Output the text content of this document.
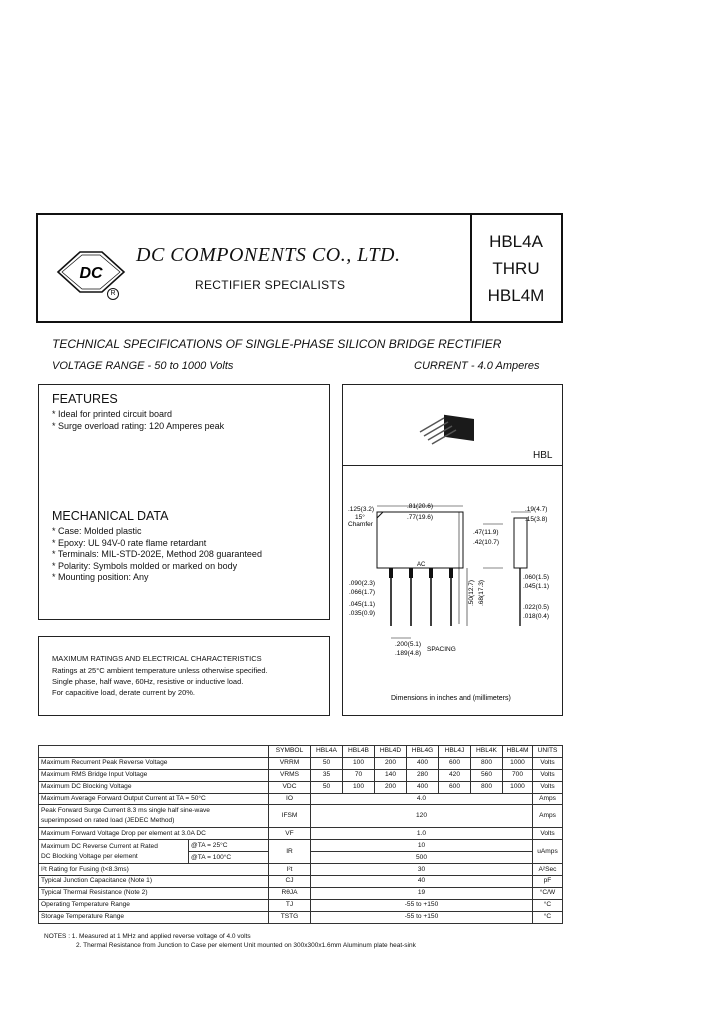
DC
R
DC COMPONENTS CO., LTD.
RECTIFIER SPECIALISTS
HBL4A
THRU
HBL4M
TECHNICAL SPECIFICATIONS OF SINGLE-PHASE SILICON BRIDGE RECTIFIER
VOLTAGE RANGE - 50 to 1000 Volts	CURRENT - 4.0 Amperes
FEATURES
* Ideal for printed circuit board
* Surge overload rating: 120 Amperes peak
MECHANICAL DATA
* Case: Molded plastic
* Epoxy: UL 94V-0 rate flame retardant
* Terminals: MIL-STD-202E, Method 208 guaranteed
* Polarity: Symbols molded or marked on body
* Mounting position: Any
MAXIMUM RATINGS AND ELECTRICAL CHARACTERISTICS
Ratings at 25°C ambient temperature unless otherwise specified.
Single phase, half wave, 60Hz, resistive or inductive load.
For capacitive load, derate current by 20%.
HBL
.125(3.2)
15°
Chamfer
.81(20.6)
.77(19.6)
.19(4.7)
.15(3.8)
.42(10.7)
.47(11.9)
.090(2.3)
.066(1.7)
.045(1.1)
.035(0.9)
.060(1.5)
.045(1.1)
.022(0.5)
.018(0.4)
.200(5.1)
.189(4.8)
SPACING
.68(17.3)
.50(12.7)
AC
Dimensions in inches and (millimeters)
		SYMBOL	HBL4A	HBL4B	HBL4D	HBL4G	HBL4J	HBL4K	HBL4M	UNITS
Maximum Recurrent Peak Reverse Voltage		VRRM	50	100	200	400	600	800	1000	Volts
Maximum RMS Bridge Input Voltage		VRMS	35	70	140	280	420	560	700	Volts
Maximum DC Blocking Voltage		VDC	50	100	200	400	600	800	1000	Volts
Maximum Average Forward Output Current at TA = 50°C		IO	4.0							Amps
Peak Forward Surge Current 8.3 ms single half sine-wave
superimposed on rated load (JEDEC Method)		IFSM	120							Amps
Maximum Forward Voltage Drop per element at 3.0A DC		VF	1.0							Volts
Maximum DC Reverse Current at Rated
DC Blocking Voltage per element	@TA = 25°C	IR	10							uAmps
	@TA = 100°C		500							
I²t Rating for Fusing (t<8.3ms)		I²t	30							A²Sec
Typical Junction Capacitance (Note 1)		CJ	40							pF
Typical Thermal Resistance (Note 2)		RθJA	19							°C/W
Operating Temperature Range		TJ	-55 to +150							°C
Storage Temperature Range		TSTG	-55 to +150							°C
NOTES : 1. Measured at 1 MHz and applied reverse voltage of 4.0 volts
2. Thermal Resistance from Junction to Case per element Unit mounted on 300x300x1.6mm Aluminum plate heat-sink
